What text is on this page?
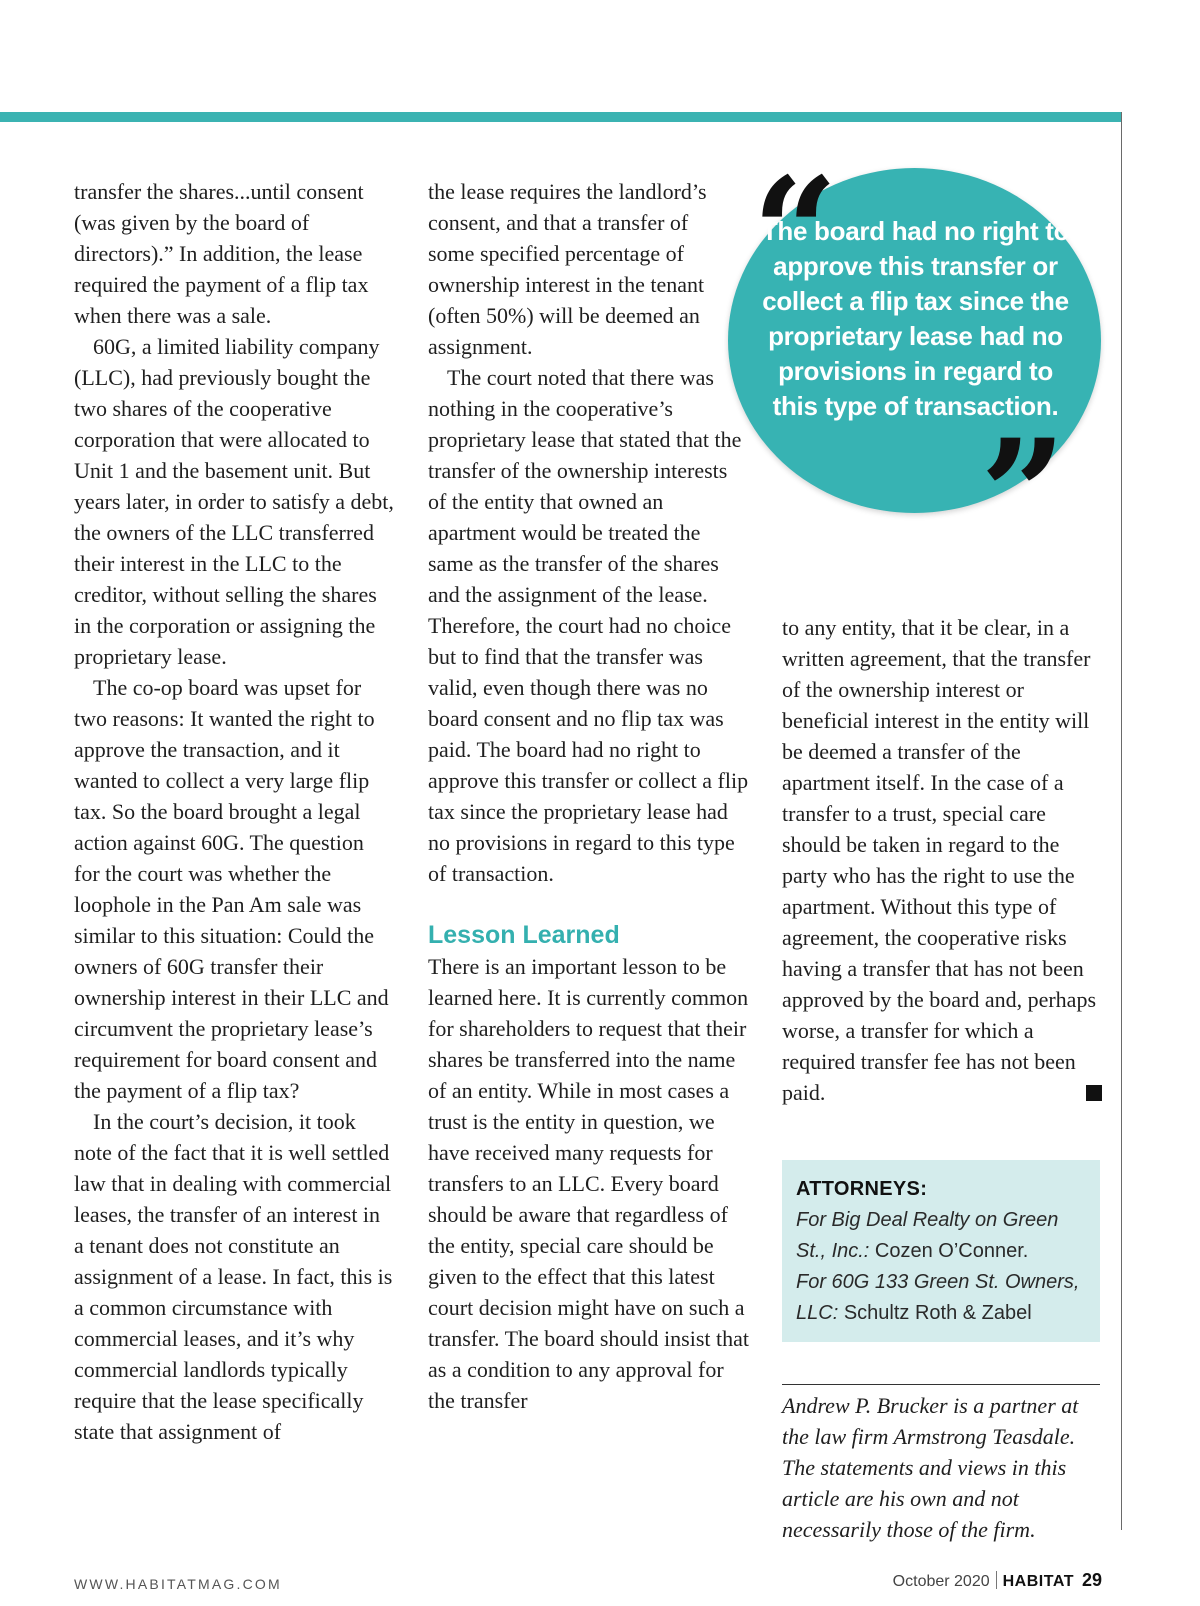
transfer the shares...until consent (was given by the board of directors).” In addition, the lease required the payment of a flip tax when there was a sale.

60G, a limited liability company (LLC), had previously bought the two shares of the cooperative corporation that were allocated to Unit 1 and the basement unit. But years later, in order to satisfy a debt, the owners of the LLC transferred their interest in the LLC to the creditor, without selling the shares in the corporation or assigning the proprietary lease.

The co-op board was upset for two reasons: It wanted the right to approve the transaction, and it wanted to collect a very large flip tax. So the board brought a legal action against 60G. The question for the court was whether the loophole in the Pan Am sale was similar to this situation: Could the owners of 60G transfer their ownership interest in their LLC and circumvent the proprietary lease’s requirement for board consent and the payment of a flip tax?

In the court’s decision, it took note of the fact that it is well settled law that in dealing with commercial leases, the transfer of an interest in a tenant does not constitute an assignment of a lease. In fact, this is a common circumstance with commercial leases, and it’s why commercial landlords typically require that the lease specifically state that assignment of

the lease requires the landlord’s consent, and that a transfer of some specified percentage of ownership interest in the tenant (often 50%) will be deemed an assignment.

The court noted that there was nothing in the cooperative’s proprietary lease that stated that the transfer of the ownership interests of the entity that owned an apartment would be treated the same as the transfer of the shares and the assignment of the lease. Therefore, the court had no choice but to find that the transfer was valid, even though there was no board consent and no flip tax was paid. The board had no right to approve this transfer or collect a flip tax since the proprietary lease had no provisions in regard to this type of transaction.

Lesson Learned

There is an important lesson to be learned here. It is currently common for shareholders to request that their shares be transferred into the name of an entity. While in most cases a trust is the entity in question, we have received many requests for transfers to an LLC. Every board should be aware that regardless of the entity, special care should be given to the effect that this latest court decision might have on such a transfer. The board should insist that as a condition to any approval for the transfer

to any entity, that it be clear, in a written agreement, that the transfer of the ownership interest or beneficial interest in the entity will be deemed a transfer of the apartment itself. In the case of a transfer to a trust, special care should be taken in regard to the party who has the right to use the apartment. Without this type of agreement, the cooperative risks having a transfer that has not been approved by the board and, perhaps worse, a transfer for which a required transfer fee has not been paid.

The board had no right to approve this transfer or collect a flip tax since the proprietary lease had no provisions in regard to this type of transaction.
“
”
ATTORNEYS:
For Big Deal Realty on Green St., Inc.: Cozen O’Conner.
For 60G 133 Green St. Owners, LLC: Schultz Roth & Zabel
Andrew P. Brucker is a partner at the law firm Armstrong Teasdale. The statements and views in this article are his own and not necessarily those of the firm.
WWW.HABITATMAG.COM	October 2020 HABITAT 29
